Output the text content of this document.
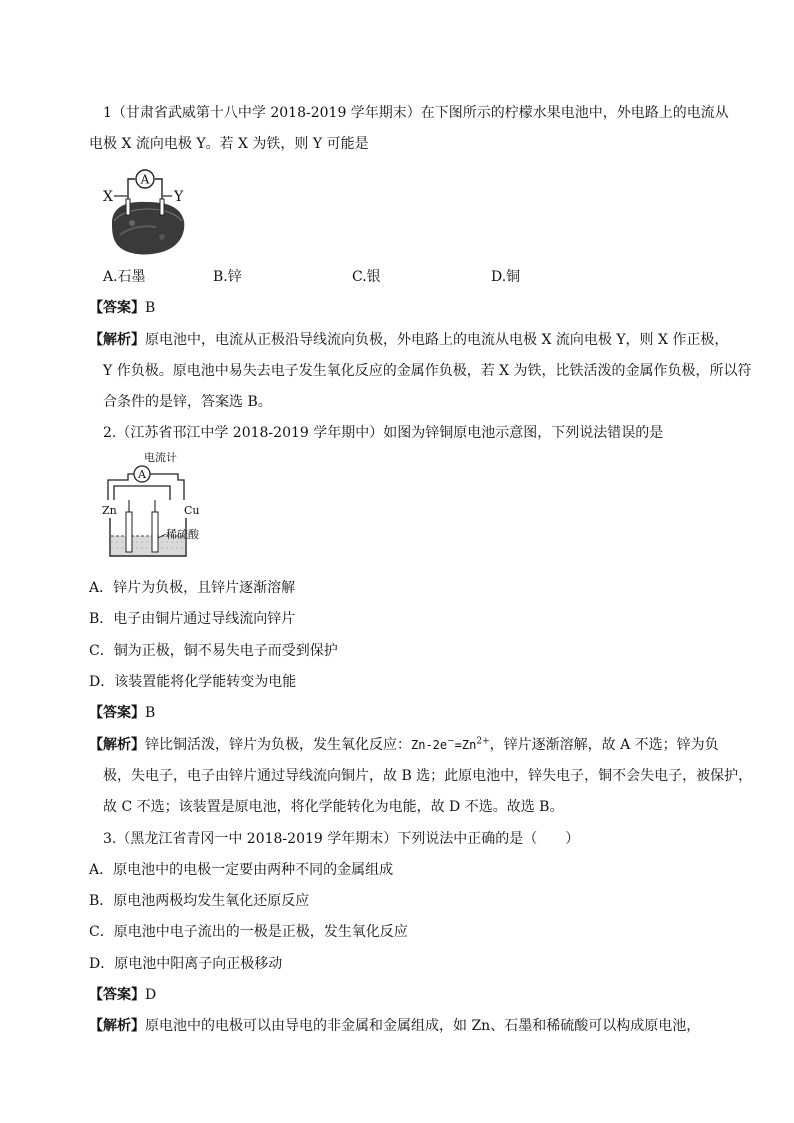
1（甘肃省武威第十八中学 2018-2019 学年期末）在下图所示的柠檬水果电池中，外电路上的电流从
电极 X 流向电极 Y。若 X 为铁，则 Y 可能是
A
X	Y
A.石墨	B.锌	C.银	D.铜
【答案】B
【解析】原电池中，电流从正极沿导线流向负极，外电路上的电流从电极 X 流向电极 Y，则 X 作正极，
Y 作负极。原电池中易失去电子发生氧化反应的金属作负极，若 X 为铁，比铁活泼的金属作负极，所以符
合条件的是锌，答案选 B。
2.（江苏省邗江中学 2018-2019 学年期中）如图为锌铜原电池示意图，下列说法错误的是
A
电流计
Zn	Cu
稀硫酸
A．锌片为负极，且锌片逐渐溶解
B．电子由铜片通过导线流向锌片
C．铜为正极，铜不易失电子而受到保护
D．该装置能将化学能转变为电能
【答案】B
【解析】锌比铜活泼，锌片为负极，发生氧化反应：$Zn-2e^-=Zn^{2+}$，锌片逐渐溶解，故 A 不选；锌为负
极，失电子，电子由锌片通过导线流向铜片，故 B 选；此原电池中，锌失电子，铜不会失电子，被保护，
故 C 不选；该装置是原电池，将化学能转化为电能，故 D 不选。故选 B。
3.（黑龙江省青冈一中 2018-2019 学年期末）下列说法中正确的是（　　）
A．原电池中的电极一定要由两种不同的金属组成
B．原电池两极均发生氧化还原反应
C．原电池中电子流出的一极是正极，发生氧化反应
D．原电池中阳离子向正极移动
【答案】D
【解析】原电池中的电极可以由导电的非金属和金属组成，如 Zn、石墨和稀硫酸可以构成原电池，
